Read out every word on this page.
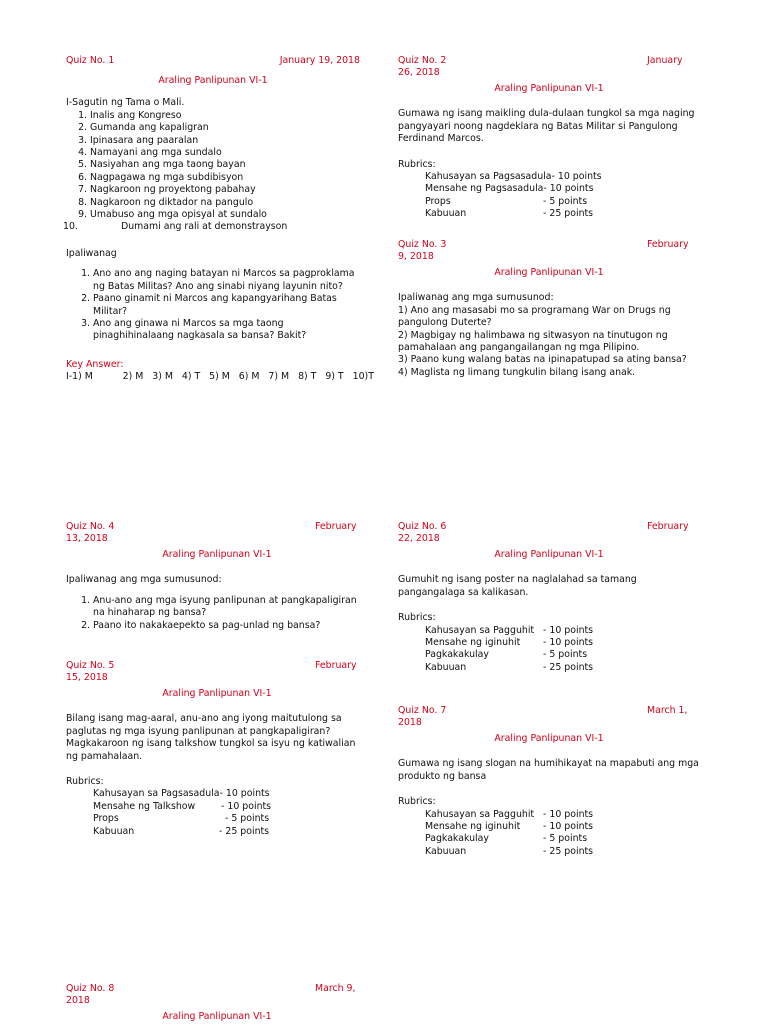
Quiz No. 1	January 19, 2018
Araling Panlipunan VI-1

I-Sagutin ng Tama o Mali.

1. Inalis ang Kongreso
2. Gumanda ang kapaligran
3. Ipinasara ang paaralan
4. Namayani ang mga sundalo
5. Nasiyahan ang mga taong bayan
6. Nagpagawa ng mga subdibisyon
7. Nagkaroon ng proyektong pabahay
8. Nagkaroon ng diktador na pangulo
9. Umabuso ang mga opisyal at sundalo
10.	Dumami ang rali at demonstrayson

Ipaliwanag

1. Ano ano ang naging batayan ni Marcos sa pagproklama ng Batas Militas? Ano ang sinabi niyang layunin nito?
2. Paano ginamit ni Marcos ang kapangyarihang Batas Militar?
3. Ano ang ginawa ni Marcos sa mga taong pinaghihinalaang nagkasala sa bansa? Bakit?

Key Answer:

I-1) M          2) M   3) M   4) T   5) M   6) M   7) M   8) T   9) T   10)T

Quiz No. 2	January 26, 2018
Araling Panlipunan VI-1

Gumawa ng isang maikling dula-dulaan tungkol sa mga naging pangyayari noong nagdeklara ng Batas Militar si Pangulong Ferdinand Marcos.

Rubrics:

Kahusayan sa Pagsasadula - 10 points
Mensahe ng Pagsasadula - 10 points
Props	- 5 points
Kabuuan	- 25 points
Quiz No. 3	February 9, 2018
Araling Panlipunan VI-1

Ipaliwanag ang mga sumusunod:

1) Ano ang masasabi mo sa programang War on Drugs ng pangulong Duterte?

2) Magbigay ng halimbawa ng sitwasyon na tinutugon ng pamahalaan ang pangangailangan ng mga Pilipino.

3) Paano kung walang batas na ipinapatupad sa ating bansa?

4) Maglista ng limang tungkulin bilang isang anak.

Quiz No. 4	February 13, 2018
Araling Panlipunan VI-1

Ipaliwanag ang mga sumusunod:

1. Anu-ano ang mga isyung panlipunan at pangkapaligiran na hinaharap ng bansa?
2. Paano ito nakakaepekto sa pag-unlad ng bansa?
Quiz No. 5	February 15, 2018
Araling Panlipunan VI-1

Bilang isang mag-aaral, anu-ano ang iyong maitutulong sa paglutas ng mga isyung panlipunan at pangkapaligiran? Magkakaroon ng isang talkshow tungkol sa isyu ng katiwalian ng pamahalaan.

Rubrics:

Kahusayan sa Pagsasadula - 10 points
Mensahe ng Talkshow	- 10 points
Props	- 5 points
Kabuuan	- 25 points
Quiz No. 6	February 22, 2018
Araling Panlipunan VI-1

Gumuhit ng isang poster na naglalahad sa tamang pangangalaga sa kalikasan.

Rubrics:

Kahusayan sa Pagguhit - 10 points
Mensahe ng iginuhit	- 10 points
Pagkakakulay	- 5 points
Kabuuan	- 25 points
Quiz No. 7	March 1, 2018
Araling Panlipunan VI-1

Gumawa ng isang slogan na humihikayat na mapabuti ang mga produkto ng bansa

Rubrics:

Kahusayan sa Pagguhit - 10 points
Mensahe ng iginuhit	- 10 points
Pagkakakulay	- 5 points
Kabuuan	- 25 points
Quiz No. 8	March 9, 2018
Araling Panlipunan VI-1
